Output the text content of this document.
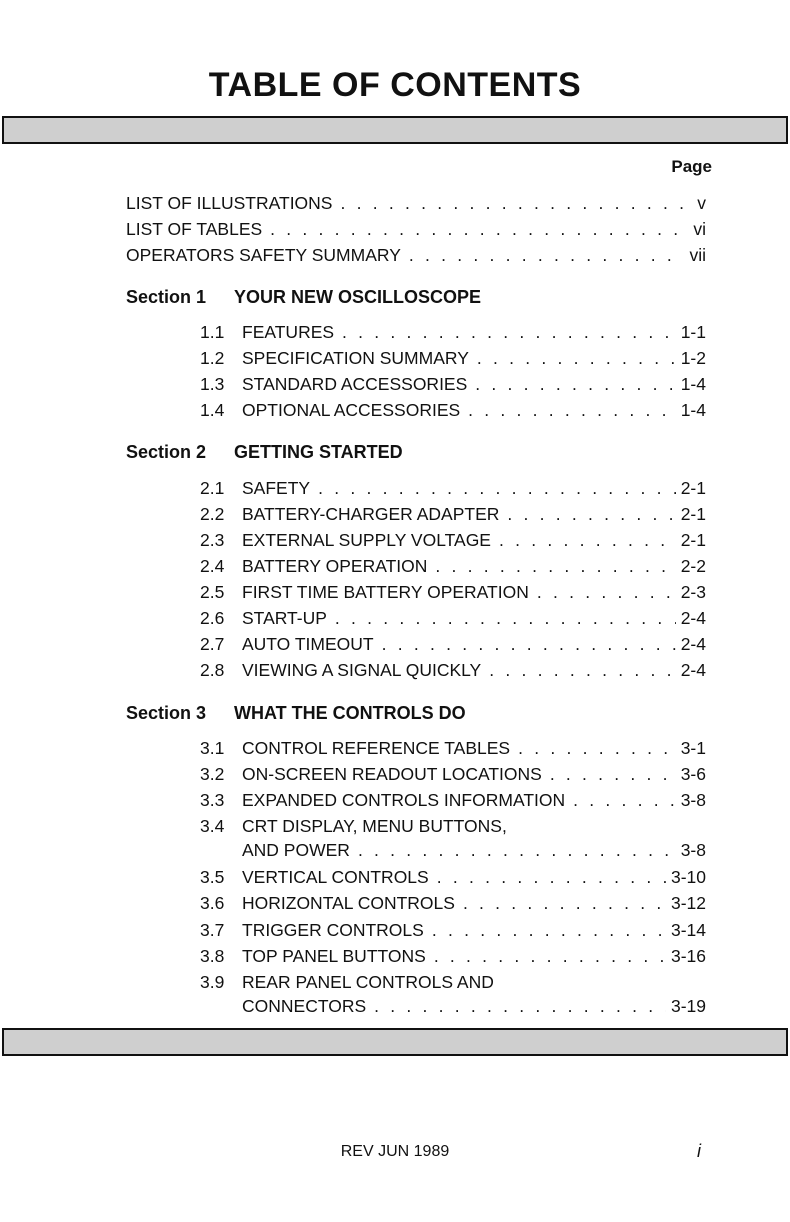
TABLE OF CONTENTS
Page
LIST OF ILLUSTRATIONS . . .	v
LIST OF TABLES . . .	vi
OPERATORS SAFETY SUMMARY . . .	vii
Section 1 YOUR NEW OSCILLOSCOPE
1.1	FEATURES . . .	1-1
1.2	SPECIFICATION SUMMARY . . .	1-2
1.3	STANDARD ACCESSORIES . . .	1-4
1.4	OPTIONAL ACCESSORIES . . .	1-4
Section 2 GETTING STARTED
2.1	SAFETY . . .	2-1
2.2	BATTERY-CHARGER ADAPTER . . .	2-1
2.3	EXTERNAL SUPPLY VOLTAGE . . .	2-1
2.4	BATTERY OPERATION . . .	2-2
2.5	FIRST TIME BATTERY OPERATION . . .	2-3
2.6	START-UP . . .	2-4
2.7	AUTO TIMEOUT . . .	2-4
2.8	VIEWING A SIGNAL QUICKLY . . .	2-4
Section 3 WHAT THE CONTROLS DO
3.1	CONTROL REFERENCE TABLES . . .	3-1
3.2	ON-SCREEN READOUT LOCATIONS . . .	3-6
3.3	EXPANDED CONTROLS INFORMATION . . .	3-8
3.4	CRT DISPLAY, MENU BUTTONS,
AND POWER . . .	3-8
3.5	VERTICAL CONTROLS . . .	3-10
3.6	HORIZONTAL CONTROLS . . .	3-12
3.7	TRIGGER CONTROLS . . .	3-14
3.8	TOP PANEL BUTTONS . . .	3-16
3.9	REAR PANEL CONTROLS AND
CONNECTORS . . .	3-19
REV JUN 1989	i
